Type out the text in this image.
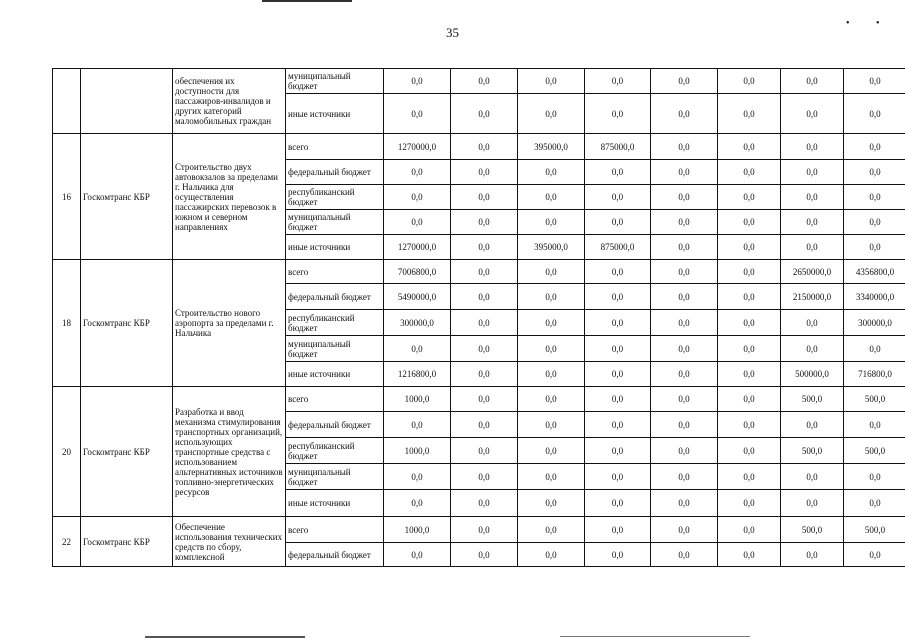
• •
35
		обеспечения их доступности для пассажиров-инвалидов и других категорий маломобильных граждан	муниципальный бюджет	0,0	0,0	0,0	0,0	0,0	0,0	0,0	0,0
			иные источники	0,0	0,0	0,0	0,0	0,0	0,0	0,0	0,0
16	Госкомтранс КБР	Строительство двух автовокзалов за пределами г. Нальчика для осуществления пассажирских перевозок в южном и северном направлениях	всего	1270000,0	0,0	395000,0	875000,0	0,0	0,0	0,0	0,0
			федеральный бюджет	0,0	0,0	0,0	0,0	0,0	0,0	0,0	0,0
			республиканский бюджет	0,0	0,0	0,0	0,0	0,0	0,0	0,0	0,0
			муниципальный бюджет	0,0	0,0	0,0	0,0	0,0	0,0	0,0	0,0
			иные источники	1270000,0	0,0	395000,0	875000,0	0,0	0,0	0,0	0,0
18	Госкомтранс КБР	Строительство нового аэропорта за пределами г. Нальчика	всего	7006800,0	0,0	0,0	0,0	0,0	0,0	2650000,0	4356800,0
			федеральный бюджет	5490000,0	0,0	0,0	0,0	0,0	0,0	2150000,0	3340000,0
			республиканский бюджет	300000,0	0,0	0,0	0,0	0,0	0,0	0,0	300000,0
			муниципальный бюджет	0,0	0,0	0,0	0,0	0,0	0,0	0,0	0,0
			иные источники	1216800,0	0,0	0,0	0,0	0,0	0,0	500000,0	716800,0
20	Госкомтранс КБР	Разработка и ввод механизма стимулирования транспортных организаций, использующих транспортные средства с использованием альтернативных источников топливно-энергетических ресурсов	всего	1000,0	0,0	0,0	0,0	0,0	0,0	500,0	500,0
			федеральный бюджет	0,0	0,0	0,0	0,0	0,0	0,0	0,0	0,0
			республиканский бюджет	1000,0	0,0	0,0	0,0	0,0	0,0	500,0	500,0
			муниципальный бюджет	0,0	0,0	0,0	0,0	0,0	0,0	0,0	0,0
			иные источники	0,0	0,0	0,0	0,0	0,0	0,0	0,0	0,0
22	Госкомтранс КБР	Обеспечение использования технических средств по сбору, комплексной	всего	1000,0	0,0	0,0	0,0	0,0	0,0	500,0	500,0
			федеральный бюджет	0,0	0,0	0,0	0,0	0,0	0,0	0,0	0,0
